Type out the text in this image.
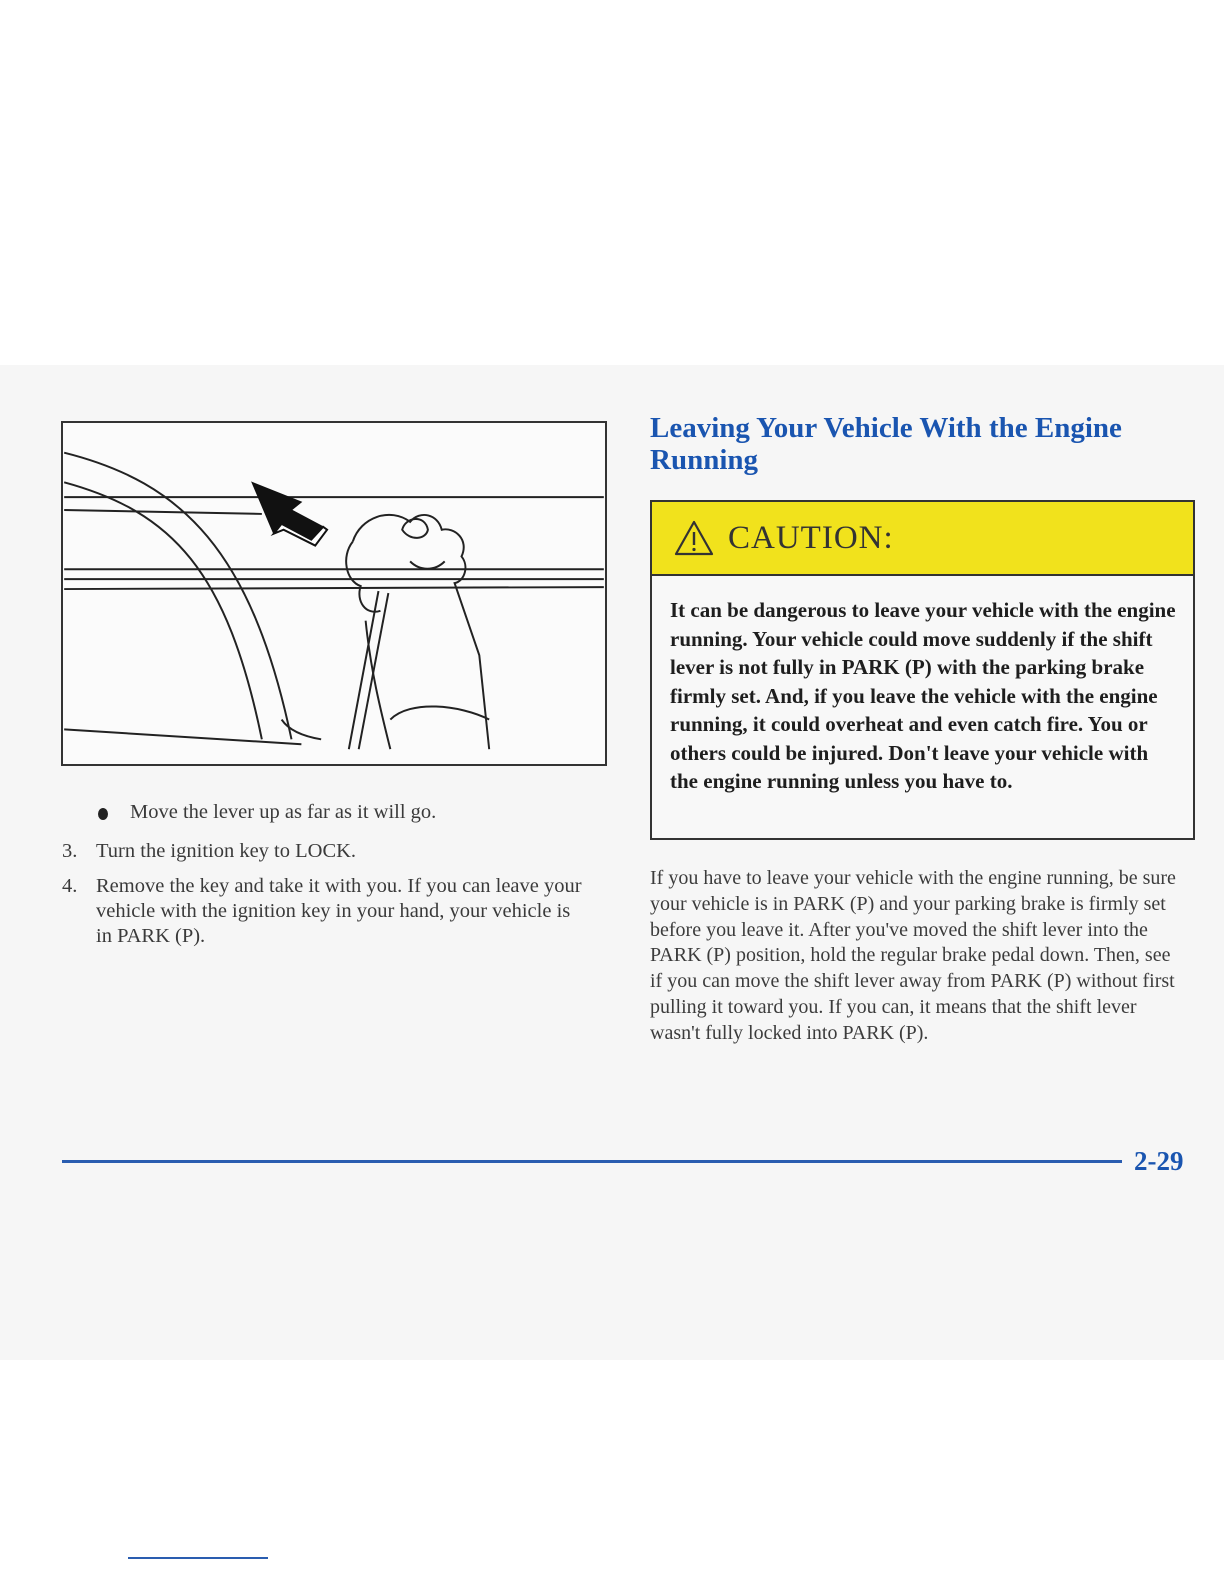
Move the lever up as far as it will go.
3. Turn the ignition key to LOCK.
4. Remove the key and take it with you. If you can leave your vehicle with the ignition key in your hand, your vehicle is in PARK (P).
Leaving Your Vehicle With the Engine Running
CAUTION:
It can be dangerous to leave your vehicle with the engine running. Your vehicle could move suddenly if the shift lever is not fully in PARK (P) with the parking brake firmly set. And, if you leave the vehicle with the engine running, it could overheat and even catch fire. You or others could be injured. Don't leave your vehicle with the engine running unless you have to.
If you have to leave your vehicle with the engine running, be sure your vehicle is in PARK (P) and your parking brake is firmly set before you leave it. After you've moved the shift lever into the PARK (P) position, hold the regular brake pedal down. Then, see if you can move the shift lever away from PARK (P) without first pulling it toward you. If you can, it means that the shift lever wasn't fully locked into PARK (P).
2-29
